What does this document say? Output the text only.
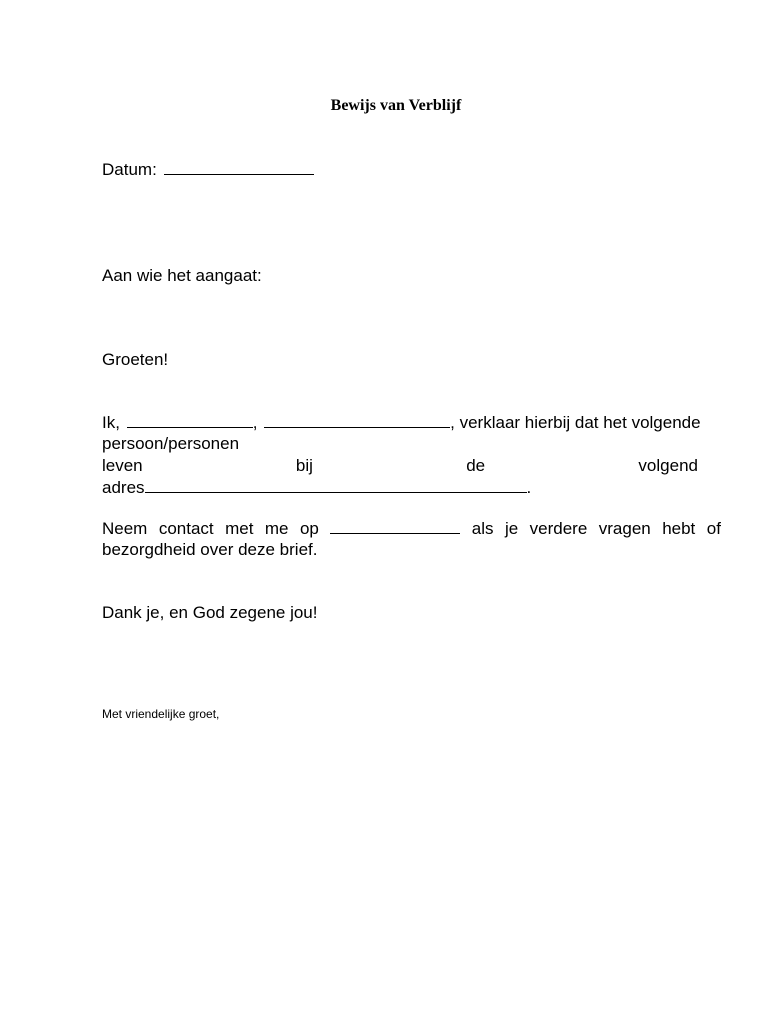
Bewijs van Verblijf
Datum:
Aan wie het aangaat:
Groeten!
Ik,	,	, verklaar hierbij dat het volgende
persoon/personen
leven	bij	de	volgend
adres	.
Neem contact met me op	als je verdere vragen hebt of
bezorgdheid over deze brief.
Dank je, en God zegene jou!
Met vriendelijke groet,
